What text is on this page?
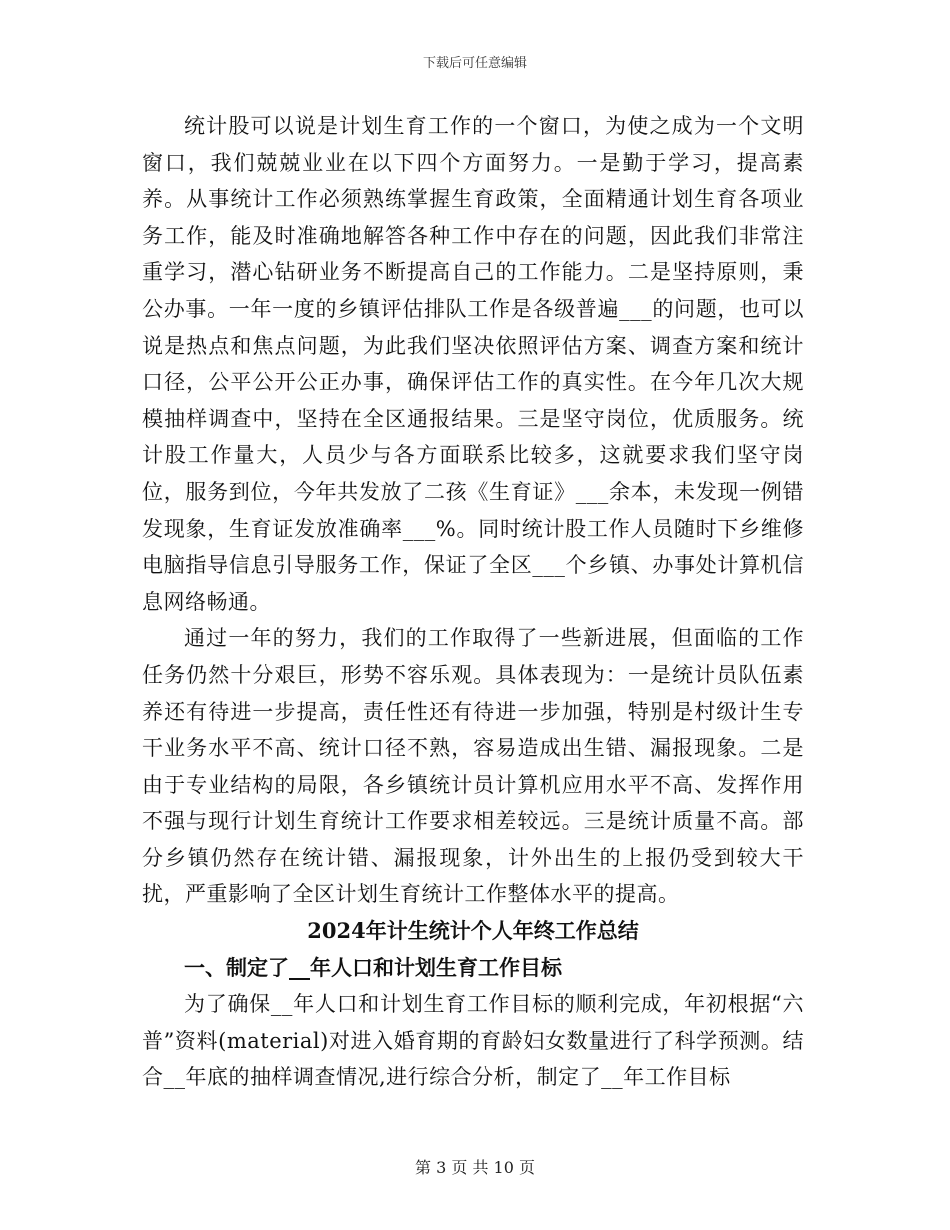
下载后可任意编辑

统计股可以说是计划生育工作的一个窗口，为使之成为一个文明窗口，我们兢兢业业在以下四个方面努力。一是勤于学习，提高素养。从事统计工作必须熟练掌握生育政策，全面精通计划生育各项业务工作，能及时准确地解答各种工作中存在的问题，因此我们非常注重学习，潜心钻研业务不断提高自己的工作能力。二是坚持原则，秉公办事。一年一度的乡镇评估排队工作是各级普遍___的问题，也可以说是热点和焦点问题，为此我们坚决依照评估方案、调查方案和统计口径，公平公开公正办事，确保评估工作的真实性。在今年几次大规模抽样调查中，坚持在全区通报结果。三是坚守岗位，优质服务。统计股工作量大，人员少与各方面联系比较多，这就要求我们坚守岗位，服务到位，今年共发放了二孩《生育证》___余本，未发现一例错发现象，生育证发放准确率___%。同时统计股工作人员随时下乡维修电脑指导信息引导服务工作，保证了全区___个乡镇、办事处计算机信息网络畅通。

通过一年的努力，我们的工作取得了一些新进展，但面临的工作任务仍然十分艰巨，形势不容乐观。具体表现为：一是统计员队伍素养还有待进一步提高，责任性还有待进一步加强，特别是村级计生专干业务水平不高、统计口径不熟，容易造成出生错、漏报现象。二是由于专业结构的局限，各乡镇统计员计算机应用水平不高、发挥作用不强与现行计划生育统计工作要求相差较远。三是统计质量不高。部分乡镇仍然存在统计错、漏报现象，计外出生的上报仍受到较大干扰，严重影响了全区计划生育统计工作整体水平的提高。

2024年计生统计个人年终工作总结

一、制定了__年人口和计划生育工作目标

为了确保__年人口和计划生育工作目标的顺利完成，年初根据“六普”资料(material)对进入婚育期的育龄妇女数量进行了科学预测。结合__年底的抽样调查情况,进行综合分析，制定了__年工作目标

第 3 页 共 10 页
